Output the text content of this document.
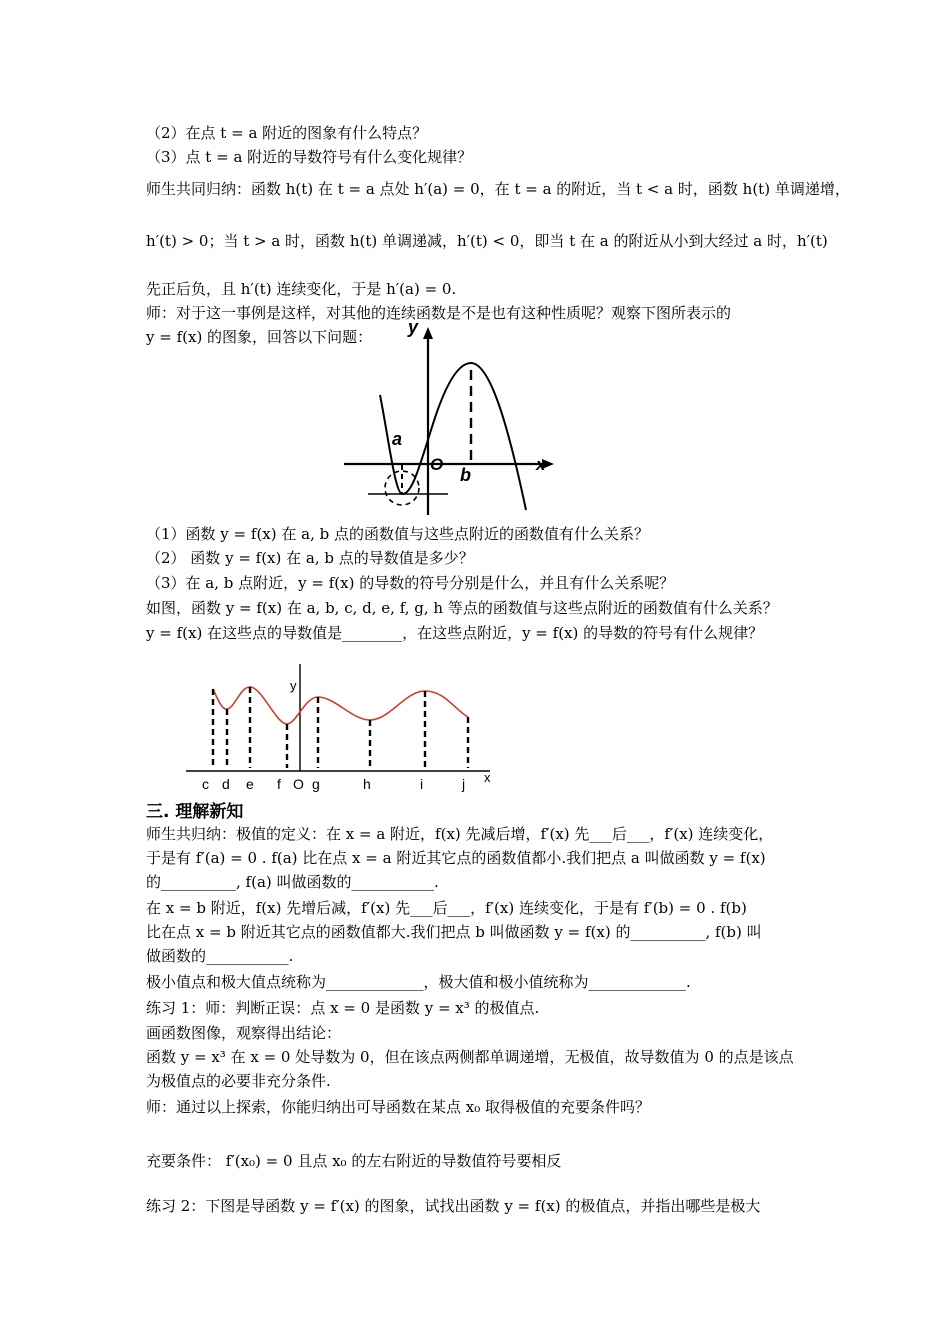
（2）在点 t = a 附近的图象有什么特点？
（3）点 t = a 附近的导数符号有什么变化规律？
师生共同归纳：函数 h(t) 在 t = a 点处 h′(a) = 0，在 t = a 的附近，当 t < a 时，函数 h(t) 单调递增，
h′(t) > 0；当 t > a 时，函数 h(t) 单调递减，h′(t) < 0，即当 t 在 a 的附近从小到大经过 a 时，h′(t)
先正后负，且 h′(t) 连续变化，于是 h′(a) = 0.
师：对于这一事例是这样，对其他的连续函数是不是也有这种性质呢？观察下图所表示的
y = f(x) 的图象，回答以下问题：
（1）函数 y = f(x) 在 a, b 点的函数值与这些点附近的函数值有什么关系？
（2） 函数 y = f(x) 在 a, b 点的导数值是多少？
（3）在 a, b 点附近，y = f(x) 的导数的符号分别是什么，并且有什么关系呢？
如图，函数 y = f(x) 在 a, b, c, d, e, f, g, h 等点的函数值与这些点附近的函数值有什么关系？
y = f(x) 在这些点的导数值是________，在这些点附近，y = f(x) 的导数的符号有什么规律？
师生共归纳：极值的定义：在 x = a 附近，f(x) 先减后增，f′(x) 先___后___，f′(x) 连续变化，
于是有 f′(a) = 0 . f(a) 比在点 x = a 附近其它点的函数值都小.我们把点 a 叫做函数 y = f(x)
的__________, f(a) 叫做函数的___________.
在 x = b 附近，f(x) 先增后减，f′(x) 先___后___，f′(x) 连续变化，于是有 f′(b) = 0 . f(b)
比在点 x = b 附近其它点的函数值都大.我们把点 b 叫做函数 y = f(x) 的__________, f(b) 叫
做函数的___________.
极小值点和极大值点统称为_____________，极大值和极小值统称为_____________.
练习 1：师：判断正误：点 x = 0 是函数 y = x³ 的极值点.
画函数图像，观察得出结论：
函数 y = x³ 在 x = 0 处导数为 0，但在该点两侧都单调递增，无极值，故导数值为 0 的点是该点
为极值点的必要非充分条件.
师：通过以上探索，你能归纳出可导函数在某点 x₀ 取得极值的充要条件吗？
充要条件： f′(x₀) = 0 且点 x₀ 的左右附近的导数值符号要相反
练习 2：下图是导函数 y = f′(x) 的图象，试找出函数 y = f(x) 的极值点，并指出哪些是极大
三. 理解新知
y
x
a
O
b
x
y
O
c d e f g	h	i	j
